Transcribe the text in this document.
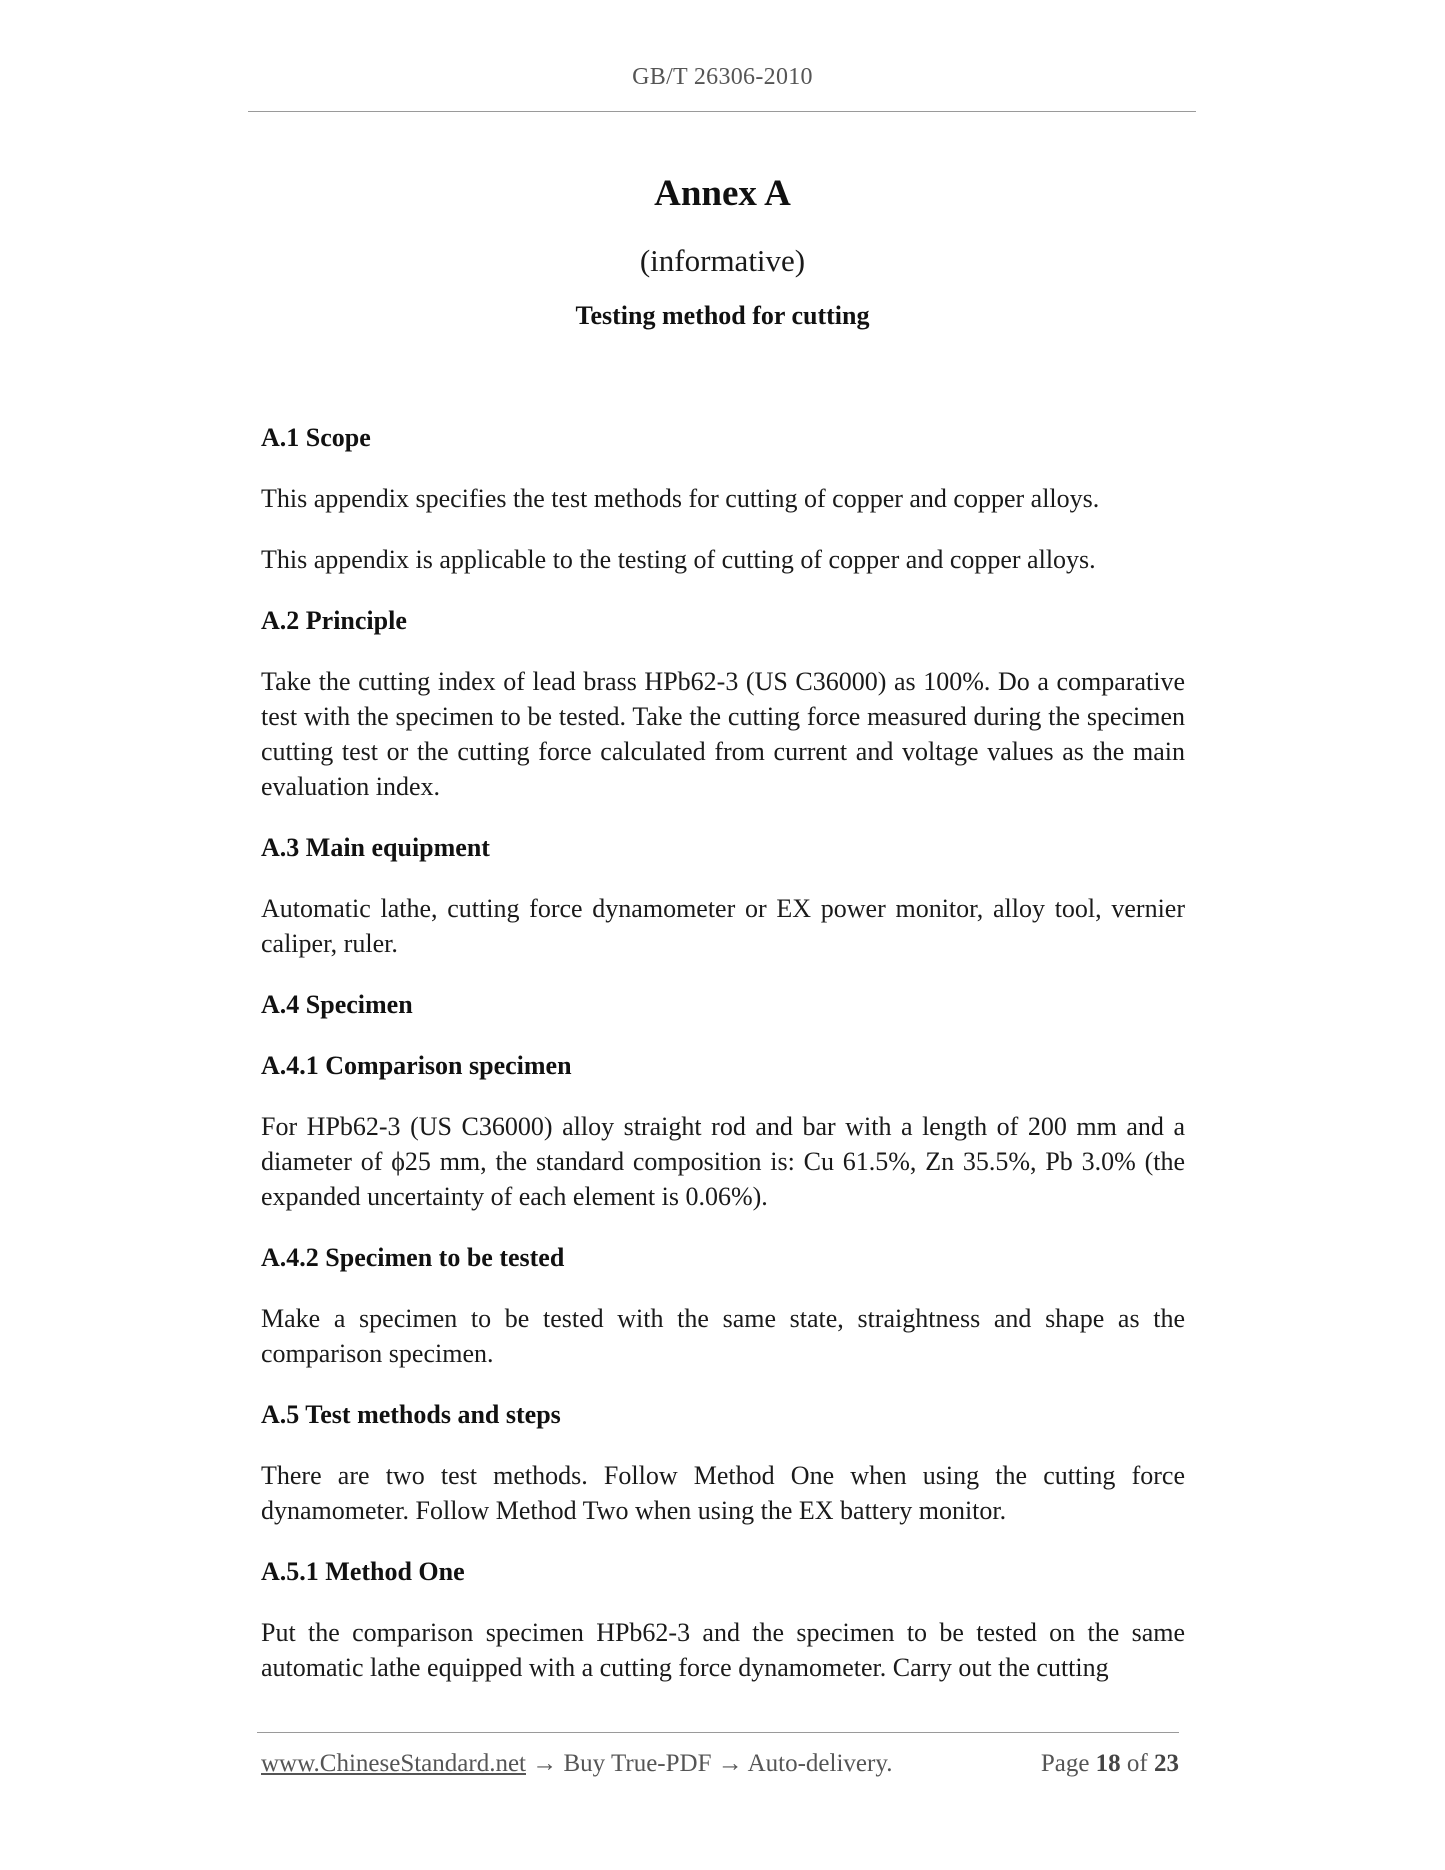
GB/T 26306-2010
Annex A
(informative)
Testing method for cutting
A.1 Scope

This appendix specifies the test methods for cutting of copper and copper alloys.

This appendix is applicable to the testing of cutting of copper and copper alloys.

A.2 Principle

Take the cutting index of lead brass HPb62-3 (US C36000) as 100%. Do a comparative test with the specimen to be tested. Take the cutting force measured during the specimen cutting test or the cutting force calculated from current and voltage values as the main evaluation index.

A.3 Main equipment

Automatic lathe, cutting force dynamometer or EX power monitor, alloy tool, vernier caliper, ruler.

A.4 Specimen
A.4.1 Comparison specimen

For HPb62-3 (US C36000) alloy straight rod and bar with a length of 200 mm and a diameter of ϕ25 mm, the standard composition is: Cu 61.5%, Zn 35.5%, Pb 3.0% (the expanded uncertainty of each element is 0.06%).

A.4.2 Specimen to be tested

Make a specimen to be tested with the same state, straightness and shape as the comparison specimen.

A.5 Test methods and steps

There are two test methods. Follow Method One when using the cutting force dynamometer. Follow Method Two when using the EX battery monitor.

A.5.1 Method One

Put the comparison specimen HPb62-3 and the specimen to be tested on the same automatic lathe equipped with a cutting force dynamometer. Carry out the cutting

www.ChineseStandard.net → Buy True-PDF → Auto-delivery.	Page 18 of 23
